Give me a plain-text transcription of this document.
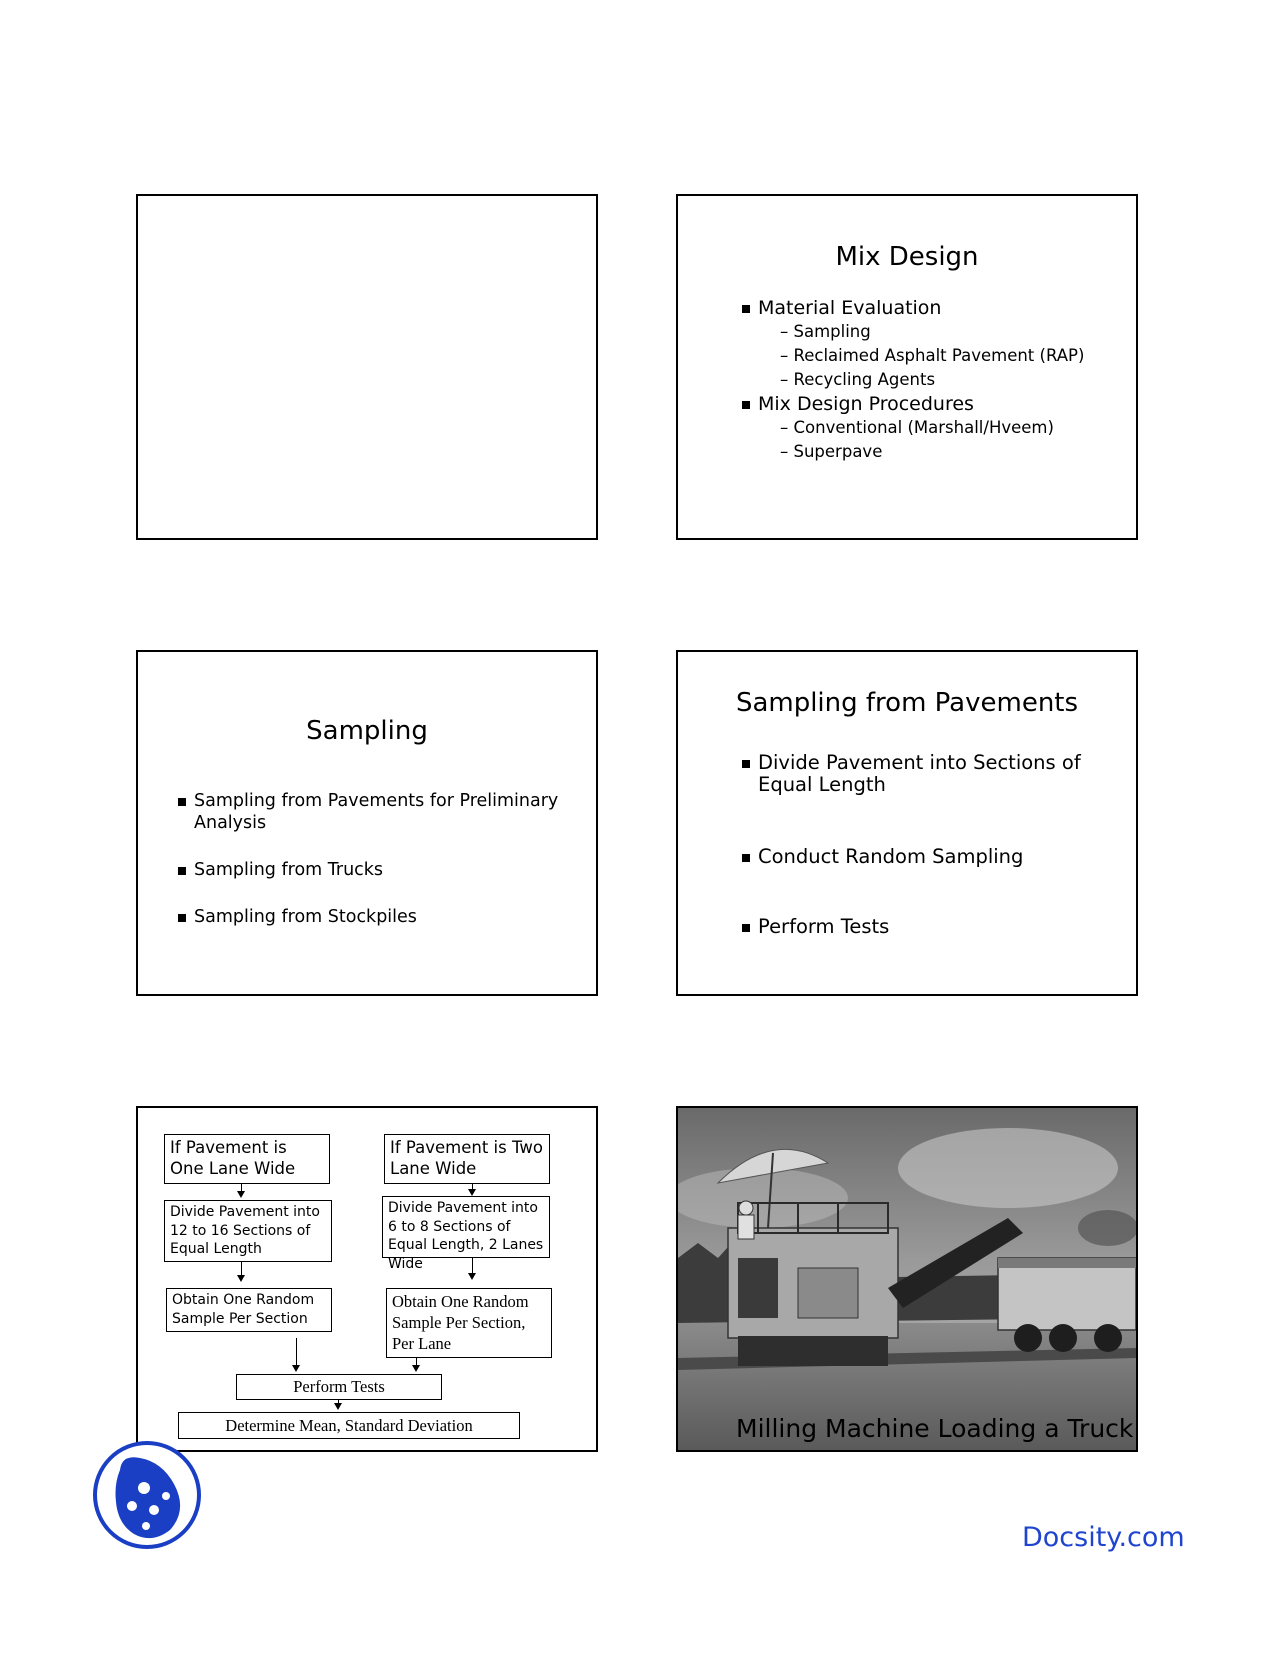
Mix Design
Material Evaluation
– Sampling
– Reclaimed Asphalt Pavement (RAP)
– Recycling Agents
Mix Design Procedures
– Conventional (Marshall/Hveem)
– Superpave
Sampling
Sampling from Pavements for Preliminary Analysis
Sampling from Trucks
Sampling from Stockpiles
Sampling from Pavements
Divide Pavement into Sections of Equal Length
Conduct Random Sampling
Perform Tests
If Pavement is One Lane Wide
If Pavement is Two Lane Wide
Divide Pavement into 12 to 16 Sections of Equal Length
Divide Pavement into 6 to 8 Sections of Equal Length, 2 Lanes Wide
Obtain One Random Sample Per Section
Obtain One Random Sample Per Section, Per Lane
Perform Tests
Determine Mean, Standard Deviation	Milling Machine Loading a Truck
Docsity.com
